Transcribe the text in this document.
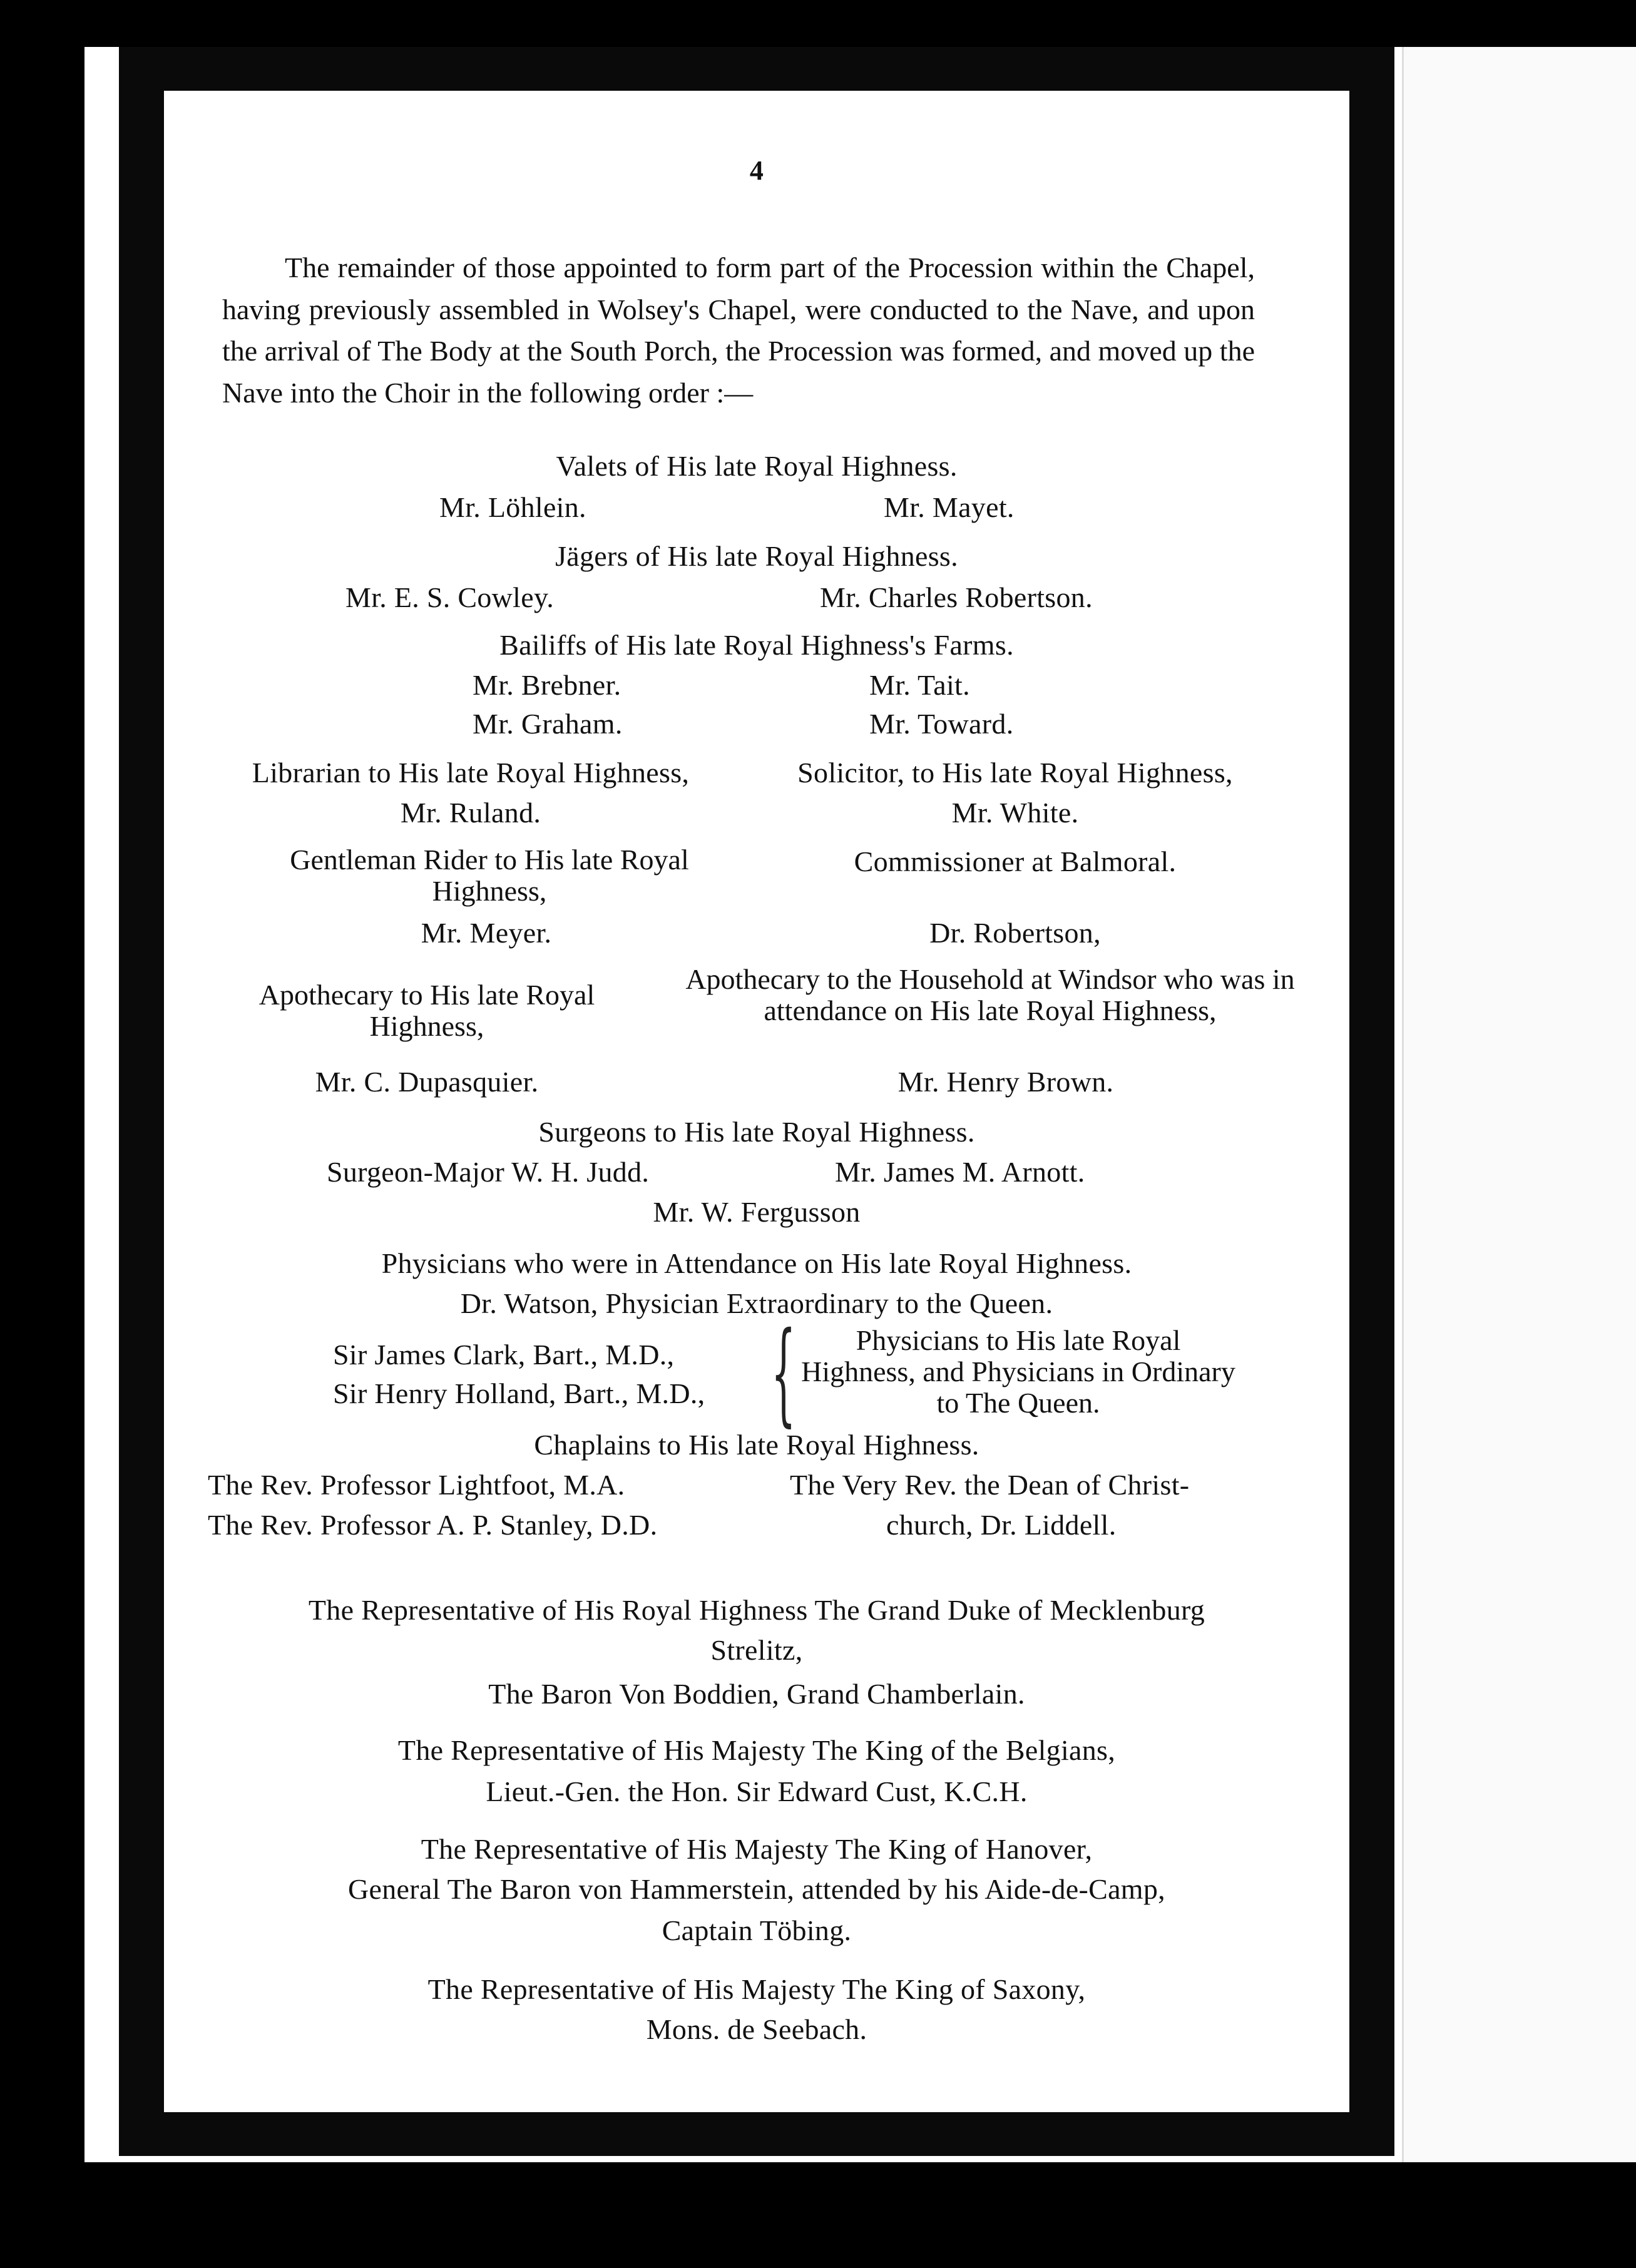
4

The remainder of those appointed to form part of the Procession within the Chapel, having previously assembled in Wolsey's Chapel, were conducted to the Nave, and upon the arrival of The Body at the South Porch, the Procession was formed, and moved up the Nave into the Choir in the following order :—

Valets of His late Royal Highness.
Mr. Löhlein.	Mr. Mayet.
Jägers of His late Royal Highness.
Mr. E. S. Cowley.	Mr. Charles Robertson.
Bailiffs of His late Royal Highness's Farms.
Mr. Brebner.	Mr. Tait.
Mr. Graham.	Mr. Toward.
Librarian to His late Royal Highness,
Mr. Ruland.
Solicitor, to His late Royal Highness,
Mr. White.
Gentleman Rider to His late Royal Highness,
Mr. Meyer.
Commissioner at Balmoral.
Dr. Robertson,
Apothecary to His late Royal Highness,
Mr. C. Dupasquier.
Apothecary to the Household at Windsor who was in attendance on His late Royal Highness,
Mr. Henry Brown.
Surgeons to His late Royal Highness.
Surgeon-Major W. H. Judd.	Mr. James M. Arnott.
Mr. W. Fergusson
Physicians who were in Attendance on His late Royal Highness.
Dr. Watson, Physician Extraordinary to the Queen.
Sir James Clark, Bart., M.D.,
Sir Henry Holland, Bart., M.D., {	Physicians to His late Royal Highness, and Physicians in Ordinary to The Queen.
Chaplains to His late Royal Highness.
The Rev. Professor Lightfoot, M.A.
The Rev. Professor A. P. Stanley, D.D.
The Very Rev. the Dean of Christ-
church, Dr. Liddell.
The Representative of His Royal Highness The Grand Duke of Mecklenburg
Strelitz,
The Baron Von Boddien, Grand Chamberlain.
The Representative of His Majesty The King of the Belgians,
Lieut.-Gen. the Hon. Sir Edward Cust, K.C.H.
The Representative of His Majesty The King of Hanover,
General The Baron von Hammerstein, attended by his Aide-de-Camp,
Captain Töbing.
The Representative of His Majesty The King of Saxony,
Mons. de Seebach.
